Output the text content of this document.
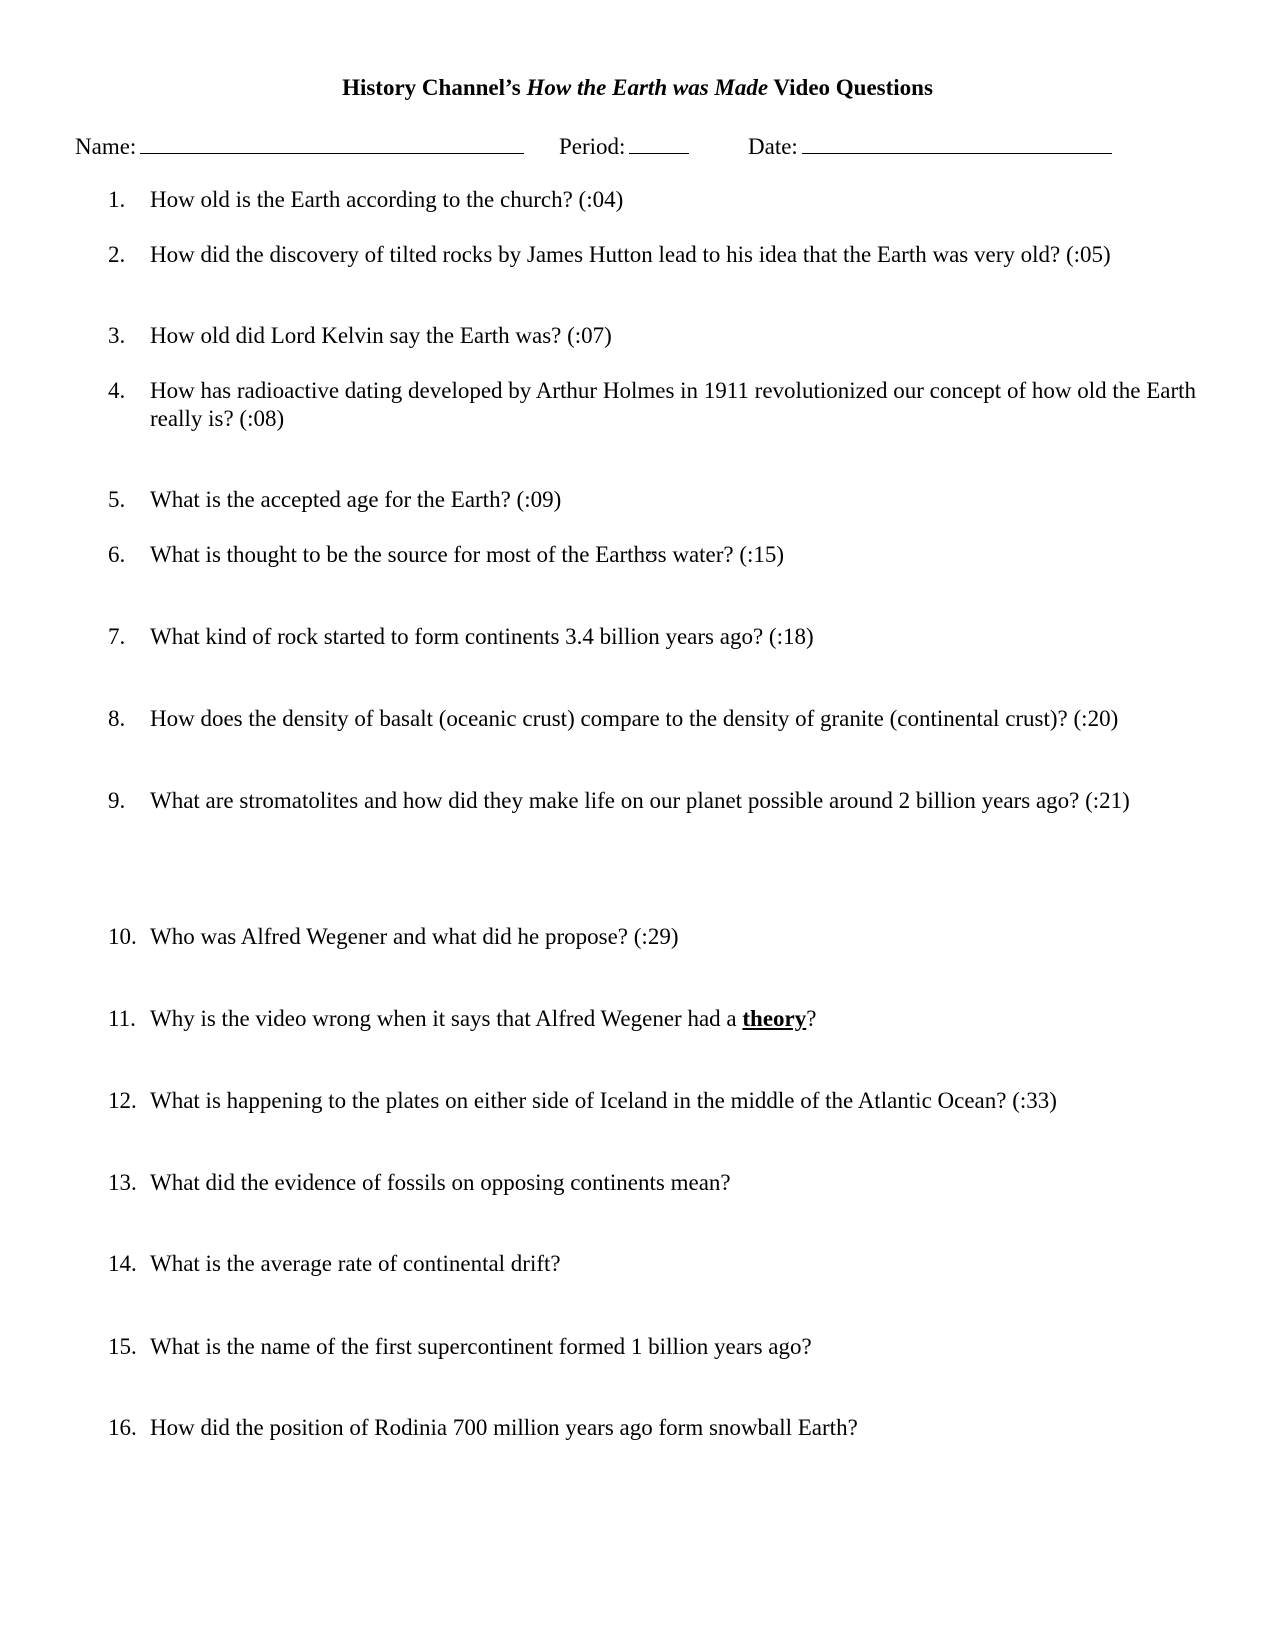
History Channel’s How the Earth was Made Video Questions
Name:	Period:	Date:
1. How old is the Earth according to the church? (:04)
2. How did the discovery of tilted rocks by James Hutton lead to his idea that the Earth was very old? (:05)
3. How old did Lord Kelvin say the Earth was? (:07)
4. How has radioactive dating developed by Arthur Holmes in 1911 revolutionized our concept of how old the Earth really is? (:08)
5. What is the accepted age for the Earth? (:09)
6. What is thought to be the source for most of the Earthʊs water? (:15)
7. What kind of rock started to form continents 3.4 billion years ago? (:18)
8. How does the density of basalt (oceanic crust) compare to the density of granite (continental crust)? (:20)
9. What are stromatolites and how did they make life on our planet possible around 2 billion years ago? (:21)
10. Who was Alfred Wegener and what did he propose? (:29)
11. Why is the video wrong when it says that Alfred Wegener had a theory?
12. What is happening to the plates on either side of Iceland in the middle of the Atlantic Ocean? (:33)
13. What did the evidence of fossils on opposing continents mean?
14. What is the average rate of continental drift?
15. What is the name of the first supercontinent formed 1 billion years ago?
16. How did the position of Rodinia 700 million years ago form snowball Earth?
